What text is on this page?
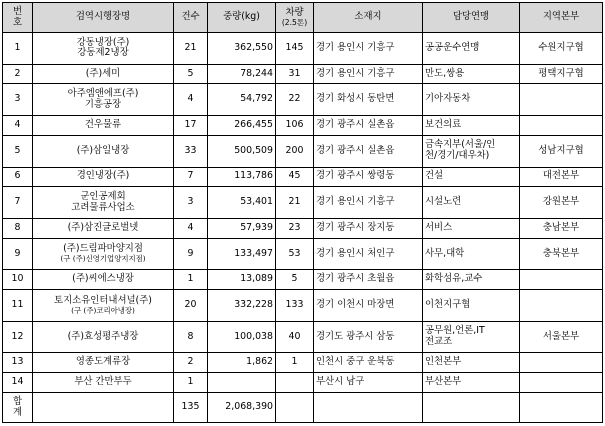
번
호	검역시행장명	건수	중량(kg)	차량
(2.5톤)	소재지	담당연맹	지역본부

1	강동냉장(주)
강동제2냉장	21	362,550	145	경기 용인시 기흥구	공공운수연맹	수원지구협

2	(주)세미	5	78,244	31	경기 용인시 기흥구	만도,쌍용	평택지구협

3	아주엠앤에프(주)
기흥공장	4	54,792	22	경기 화성시 동탄면	기아자동차	

4	건우물류	17	266,455	106	경기 광주시 실촌읍	보건의료	

5	(주)삼일냉장	33	500,509	200	경기 광주시 실촌읍	금속지부(서울/인
천/경기/대우차)	성남지구협

6	경인냉장(주)	7	113,786	45	경기 광주시 쌍령동	건설	대전본부

7	군인공제회
고려물류사업소	3	53,401	21	경기 용인시 기흥구	시설노련	강원본부

8	(주)삼진글로벌넷	4	57,939	23	경기 광주시 장지동	서비스	충남본부

9	(주)드림파마양지점
(구 (주)신영기업양지지점)	9	133,497	53	경기 용인시 처인구	사무,대학	충북본부

10	(주)씨에스냉장	1	13,089	5	경기 광주시 초월읍	화학섬유,교수	

11	토지소유인터내셔널(주)
(구 (주)코리아냉장)	20	332,228	133	경기 이천시 마장면	이천지구협	

12	(주)효성평주냉장	8	100,038	40	경기도 광주시 삼동	공무원,언론,IT
전교조	서울본부

13	영종도계류장	2	1,862	1	인천시 중구 운북동	인천본부	

14	부산 간만부두	1			부산시 남구	부산본부	

합
계		135	2,068,390				
